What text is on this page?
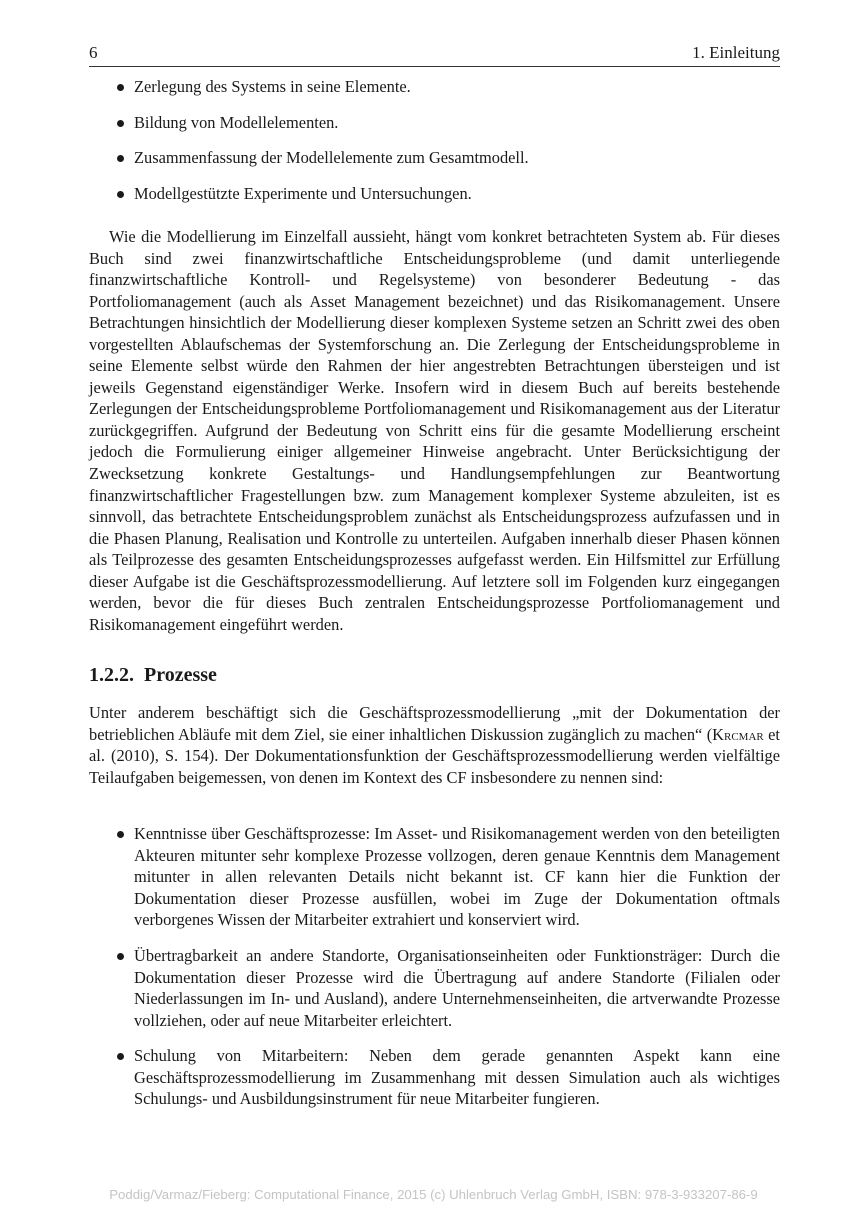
6	1. Einleitung
Zerlegung des Systems in seine Elemente.
Bildung von Modellelementen.
Zusammenfassung der Modellelemente zum Gesamtmodell.
Modellgestützte Experimente und Untersuchungen.

Wie die Modellierung im Einzelfall aussieht, hängt vom konkret betrachteten System ab. Für dieses Buch sind zwei finanzwirtschaftliche Entscheidungsprobleme (und damit unterliegende finanzwirtschaftliche Kontroll- und Regelsysteme) von besonderer Bedeutung - das Portfoliomanagement (auch als Asset Management bezeichnet) und das Risikomanagement. Unsere Betrachtungen hinsichtlich der Modellierung dieser komplexen Systeme setzen an Schritt zwei des oben vorgestellten Ablaufschemas der Systemforschung an. Die Zerlegung der Entscheidungsprobleme in seine Elemente selbst würde den Rahmen der hier angestrebten Betrachtungen übersteigen und ist jeweils Gegenstand eigenständiger Werke. Insofern wird in diesem Buch auf bereits bestehende Zerlegungen der Entscheidungsprobleme Portfoliomanagement und Risikomanagement aus der Literatur zurückgegriffen. Aufgrund der Bedeutung von Schritt eins für die gesamte Modellierung erscheint jedoch die Formulierung einiger allgemeiner Hinweise angebracht. Unter Berücksichtigung der Zwecksetzung konkrete Gestaltungs- und Handlungsempfehlungen zur Beantwortung finanzwirtschaftlicher Fragestellungen bzw. zum Management komplexer Systeme abzuleiten, ist es sinnvoll, das betrachtete Entscheidungsproblem zunächst als Entscheidungsprozess aufzufassen und in die Phasen Planung, Realisation und Kontrolle zu unterteilen. Aufgaben innerhalb dieser Phasen können als Teilprozesse des gesamten Entscheidungsprozesses aufgefasst werden. Ein Hilfsmittel zur Erfüllung dieser Aufgabe ist die Geschäftsprozessmodellierung. Auf letztere soll im Folgenden kurz eingegangen werden, bevor die für dieses Buch zentralen Entscheidungsprozesse Portfoliomanagement und Risikomanagement eingeführt werden.

1.2.2. Prozesse

Unter anderem beschäftigt sich die Geschäftsprozessmodellierung „mit der Dokumentation der betrieblichen Abläufe mit dem Ziel, sie einer inhaltlichen Diskussion zugänglich zu machen“ (Krcmar et al. (2010), S. 154). Der Dokumentationsfunktion der Geschäftsprozessmodellierung werden vielfältige Teilaufgaben beigemessen, von denen im Kontext des CF insbesondere zu nennen sind:

Kenntnisse über Geschäftsprozesse: Im Asset- und Risikomanagement werden von den beteiligten Akteuren mitunter sehr komplexe Prozesse vollzogen, deren genaue Kenntnis dem Management mitunter in allen relevanten Details nicht bekannt ist. CF kann hier die Funktion der Dokumentation dieser Prozesse ausfüllen, wobei im Zuge der Dokumentation oftmals verborgenes Wissen der Mitarbeiter extrahiert und konserviert wird.
Übertragbarkeit an andere Standorte, Organisationseinheiten oder Funktionsträger: Durch die Dokumentation dieser Prozesse wird die Übertragung auf andere Standorte (Filialen oder Niederlassungen im In- und Ausland), andere Unternehmenseinheiten, die artverwandte Prozesse vollziehen, oder auf neue Mitarbeiter erleichtert.
Schulung von Mitarbeitern: Neben dem gerade genannten Aspekt kann eine Geschäftsprozessmodellierung im Zusammenhang mit dessen Simulation auch als wichtiges Schulungs- und Ausbildungsinstrument für neue Mitarbeiter fungieren.
Poddig/Varmaz/Fieberg: Computational Finance, 2015 (c) Uhlenbruch Verlag GmbH, ISBN: 978-3-933207-86-9
